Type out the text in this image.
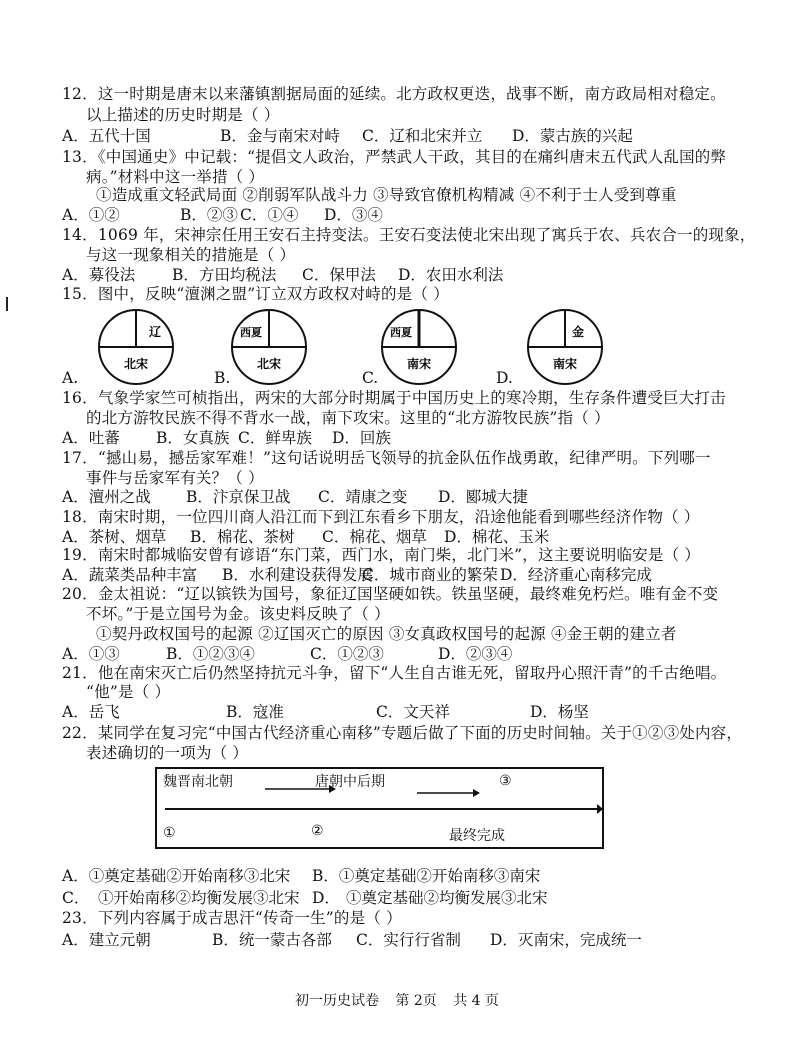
12．这一时期是唐末以来藩镇割据局面的延续。北方政权更迭，战事不断，南方政局相对稳定。
以上描述的历史时期是（ ）
A．五代十国	B．金与南宋对峙 C．辽和北宋并立 D．蒙古族的兴起
13．《中国通史》中记载：“提倡文人政治，严禁武人干政，其目的在痛纠唐末五代武人乱国的弊
病。”材料中这一举措（ ）
①造成重文轻武局面 ②削弱军队战斗力 ③导致官僚机构精减 ④不利于士人受到尊重
A．①②	B．②③ C．①④ D．③④
14．1069 年，宋神宗任用王安石主持变法。王安石变法使北宋出现了寓兵于农、兵农合一的现象，
与这一现象相关的措施是（ ）
A．募役法 B．方田均税法 C．保甲法 D．农田水利法
15．图中，反映“澶渊之盟”订立双方政权对峙的是（ ）
辽
北宋
A.
西夏
北宋
B.
西夏
南宋
C.
金
南宋
D.
16．气象学家竺可桢指出，两宋的大部分时期属于中国历史上的寒冷期，生存条件遭受巨大打击
的北方游牧民族不得不背水一战，南下攻宋。这里的“北方游牧民族”指（ ）
A．吐蕃 B．女真族 C．鲜卑族 D．回族
17．“撼山易，撼岳家军难！”这句话说明岳飞领导的抗金队伍作战勇敢，纪律严明。下列哪一
事件与岳家军有关？（ ）
A．澶州之战 B．汴京保卫战 C．靖康之变 D．郾城大捷
18．南宋时期，一位四川商人沿江而下到江东看乡下朋友，沿途他能看到哪些经济作物（ ）
A．茶树、烟草 B．棉花、茶树 C．棉花、烟草 D．棉花、玉米
19．南宋时都城临安曾有谚语“东门菜，西门水，南门柴，北门米”，这主要说明临安是（ ）
A．蔬菜类品种丰富 B．水利建设获得发展
C．城市商业的繁荣 D．经济重心南移完成
20．金太祖说：“辽以镔铁为国号，象征辽国坚硬如铁。铁虽坚硬，最终难免朽烂。唯有金不变
不坏。”于是立国号为金。该史料反映了（ ）
①契丹政权国号的起源 ②辽国灭亡的原因 ③女真政权国号的起源 ④金王朝的建立者
A．①③	B．①②③④	C．①②③	D．②③④
21．他在南宋灭亡后仍然坚持抗元斗争，留下“人生自古谁无死，留取丹心照汗青”的千古绝唱。
“他”是（ ）
A．岳飞	B．寇准	C．文天祥	D．杨坚
22．某同学在复习完“中国古代经济重心南移”专题后做了下面的历史时间轴。关于①②③处内容，
表述确切的一项为（ ）
魏晋南北朝	唐朝中后期	③
①	②	最终完成
A．①奠定基础②开始南移③北宋 B．①奠定基础②开始南移③南宋
C． ①开始南移②均衡发展③北宋 D． ①奠定基础②均衡发展③北宋
23．下列内容属于成吉思汗“传奇一生”的是（ ）
A．建立元朝	B．统一蒙古各部 C．实行行省制 D．灭南宋，完成统一
初一历史试卷 第 2页 共 4 页
